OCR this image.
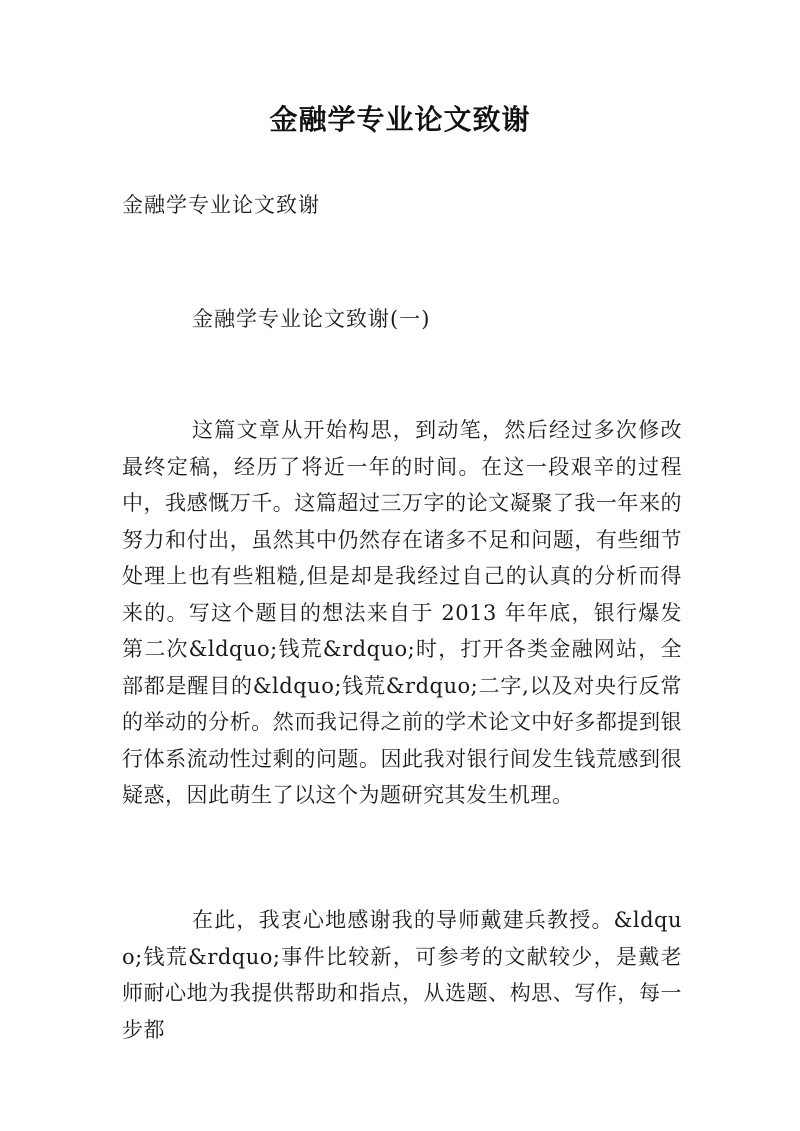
金融学专业论文致谢
金融学专业论文致谢
金融学专业论文致谢(一)

这篇文章从开始构思，到动笔，然后经过多次修改最终定稿，经历了将近一年的时间。在这一段艰辛的过程中，我感慨万千。这篇超过三万字的论文凝聚了我一年来的努力和付出，虽然其中仍然存在诸多不足和问题，有些细节处理上也有些粗糙,但是却是我经过自己的认真的分析而得来的。写这个题目的想法来自于 2013 年年底，银行爆发第二次&ldquo;钱荒&rdquo;时，打开各类金融网站，全部都是醒目的&ldquo;钱荒&rdquo;二字,以及对央行反常的举动的分析。然而我记得之前的学术论文中好多都提到银行体系流动性过剩的问题。因此我对银行间发生钱荒感到很疑惑，因此萌生了以这个为题研究其发生机理。

在此，我衷心地感谢我的导师戴建兵教授。&ldquo;钱荒&rdquo;事件比较新，可参考的文献较少，是戴老师耐心地为我提供帮助和指点，从选题、构思、写作，每一步都
